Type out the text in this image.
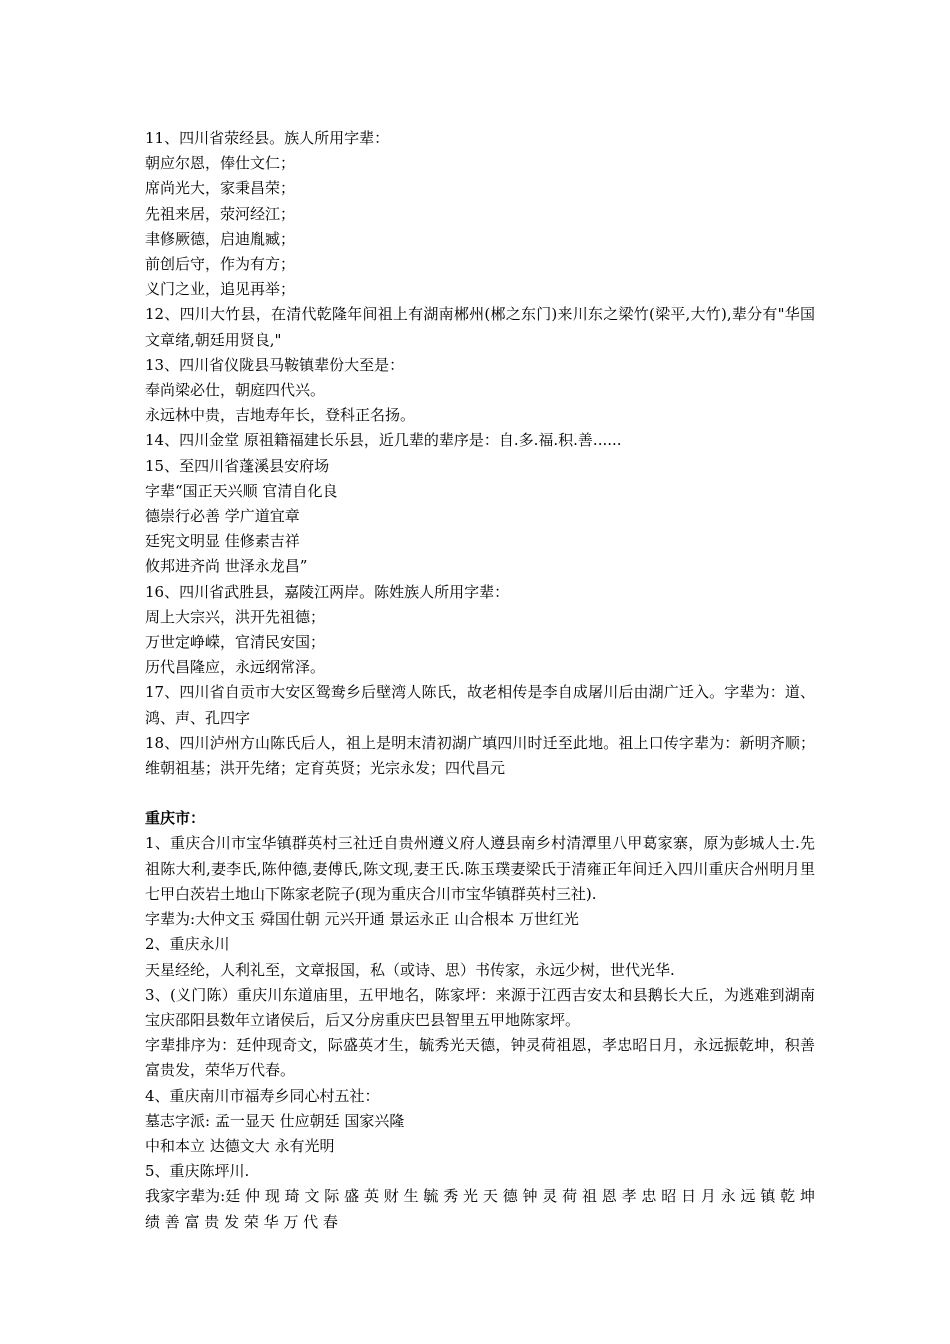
11、四川省荥经县。族人所用字辈：
朝应尔恩，俸仕文仁；
席尚光大，家秉昌荣；
先祖来居，荥河经江；
聿修厥德，启迪胤臧；
前创后守，作为有方；
义门之业，追见再举；
12、四川大竹县，在清代乾隆年间祖上有湖南郴州(郴之东门)来川东之梁竹(梁平,大竹),辈分有"华国文章绪,朝廷用贤良,"
13、四川省仪陇县马鞍镇辈份大至是：
奉尚梁必仕，朝庭四代兴。
永远林中贵，吉地寿年长，登科正名扬。
14、四川金堂 原祖籍福建长乐县，近几辈的辈序是：自.多.福.积.善......
15、至四川省蓬溪县安府场
字辈“国正天兴顺 官清自化良
德崇行必善 学广道宜章
廷宪文明显 佳修素吉祥
攸邦进齐尚 世泽永龙昌”
16、四川省武胜县，嘉陵江两岸。陈姓族人所用字辈：
周上大宗兴，洪开先祖德；
万世定峥嵘，官清民安国；
历代昌隆应，永远纲常泽。
17、四川省自贡市大安区鸳鸯乡后壁湾人陈氏，故老相传是李自成屠川后由湖广迁入。字辈为：道、鸿、声、孔四字
18、四川泸州方山陈氏后人，祖上是明末清初湖广填四川时迁至此地。祖上口传字辈为：新明齐顺；维朝祖基；洪开先绪；定育英贤；光宗永发；四代昌元
重庆市：
1、重庆合川市宝华镇群英村三社迁自贵州遵义府人遵县南乡村清潭里八甲葛家寨，原为彭城人士.先祖陈大利,妻李氏,陈仲德,妻傅氏,陈文现,妻王氏.陈玉璞妻梁氏于清雍正年间迁入四川重庆合州明月里七甲白茨岩土地山下陈家老院子(现为重庆合川市宝华镇群英村三社).
字辈为:大仲文玉 舜国仕朝 元兴开通 景运永正 山合根本 万世红光
2、重庆永川
天星经纶，人利礼至，文章报国，私（或诗、思）书传家，永远少树，世代光华.
3、(义门陈）重庆川东道庙里，五甲地名，陈家坪：来源于江西吉安太和县鹅长大丘，为逃难到湖南宝庆邵阳县数年立诸侯后，后又分房重庆巴县智里五甲地陈家坪。
字辈排序为：廷仲现奇文，际盛英才生，毓秀光天德，钟灵荷祖恩，孝忠昭日月，永远振乾坤，积善富贵发，荣华万代春。
4、重庆南川市福寿乡同心村五社：
墓志字派: 孟一显天 仕应朝廷 国家兴隆
中和本立 达德文大 永有光明
5、重庆陈坪川.
我家字辈为:廷 仲 现 琦 文 际 盛 英 财 生 毓 秀 光 天 德 钟 灵 荷 祖 恩 孝 忠 昭 日 月 永 远 镇 乾 坤 绩 善 富 贵 发 荣 华 万 代 春
